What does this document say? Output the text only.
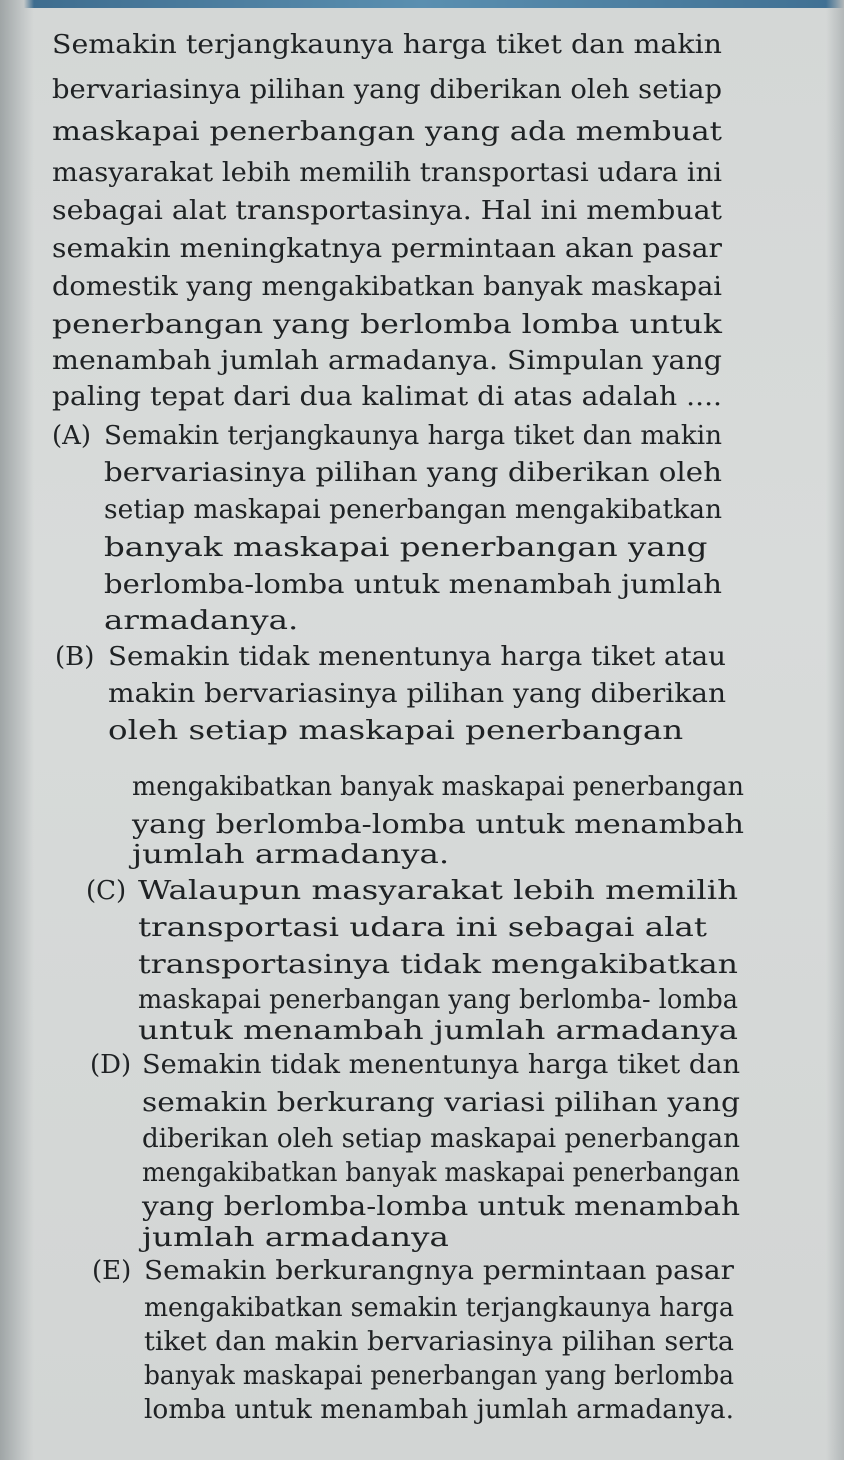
Semakin terjangkaunya harga tiket dan makin
bervariasinya pilihan yang diberikan oleh setiap
maskapai penerbangan yang ada membuat
masyarakat lebih memilih transportasi udara ini
sebagai alat transportasinya. Hal ini membuat
semakin meningkatnya permintaan akan pasar
domestik yang mengakibatkan banyak maskapai
penerbangan yang berlomba lomba untuk
menambah jumlah armadanya. Simpulan yang
paling tepat dari dua kalimat di atas adalah ....
(A) Semakin terjangkaunya harga tiket dan makin
bervariasinya pilihan yang diberikan oleh
setiap maskapai penerbangan mengakibatkan
banyak maskapai penerbangan yang
berlomba-lomba untuk menambah jumlah
armadanya.
(B) Semakin tidak menentunya harga tiket atau
makin bervariasinya pilihan yang diberikan
oleh setiap maskapai penerbangan
mengakibatkan banyak maskapai penerbangan
yang berlomba-lomba untuk menambah
jumlah armadanya.
(C) Walaupun masyarakat lebih memilih
transportasi udara ini sebagai alat
transportasinya tidak mengakibatkan
maskapai penerbangan yang berlomba- lomba
untuk menambah jumlah armadanya
(D) Semakin tidak menentunya harga tiket dan
semakin berkurang variasi pilihan yang
diberikan oleh setiap maskapai penerbangan
mengakibatkan banyak maskapai penerbangan
yang berlomba-lomba untuk menambah
jumlah armadanya
(E) Semakin berkurangnya permintaan pasar
mengakibatkan semakin terjangkaunya harga
tiket dan makin bervariasinya pilihan serta
banyak maskapai penerbangan yang berlomba
lomba untuk menambah jumlah armadanya.
